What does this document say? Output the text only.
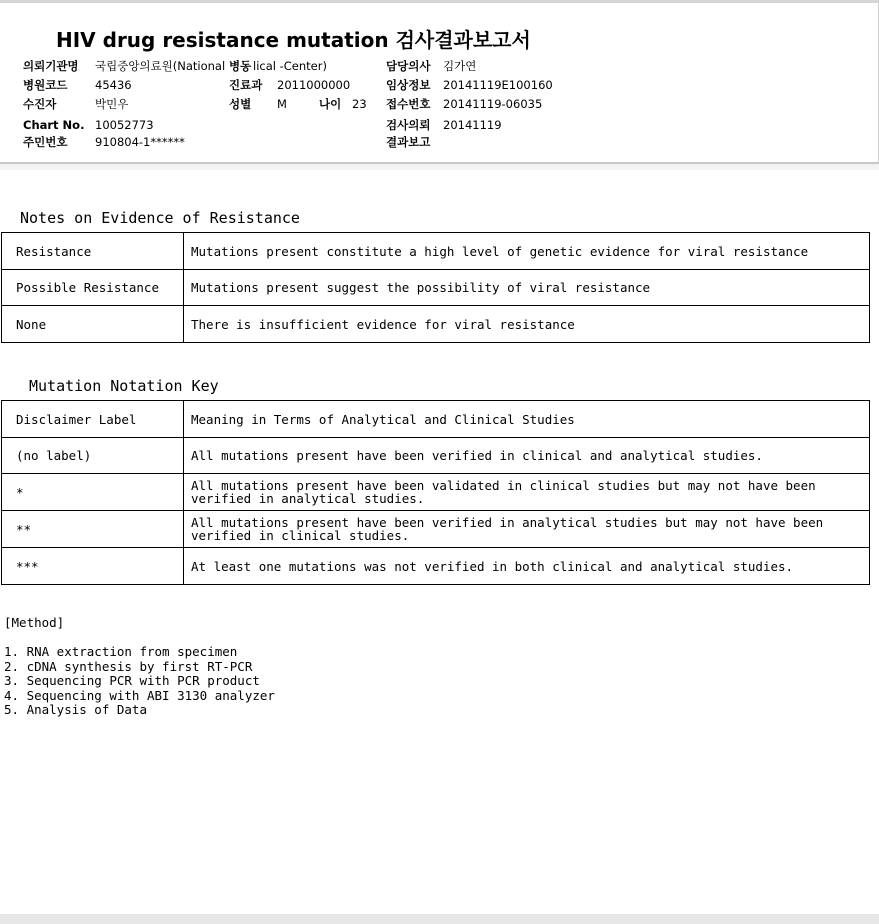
HIV drug resistance mutation 검사결과보고서
의뢰기관명 국립중앙의료원(National 병동 lical -Center)
병원코드 45436	진료과 2011000000
수진자	박민우	성별 M	나이 23
Chart No. 10052773
주민번호 910804-1******
담당의사 김가연
임상정보 20141119E100160
접수번호 20141119-06035
검사의뢰 20141119
결과보고
Notes on Evidence of Resistance
Resistance	Mutations present constitute a high level of genetic evidence for viral resistance
Possible Resistance	Mutations present suggest the possibility of viral resistance
None	There is insufficient evidence for viral resistance
Mutation Notation Key
Disclaimer Label	Meaning in Terms of Analytical and Clinical Studies
(no label)	All mutations present have been verified in clinical and analytical studies.
*	All mutations present have been validated in clinical studies but may not have been verified in analytical studies.
**	All mutations present have been verified in analytical studies but may not have been verified in clinical studies.
***	At least one mutations was not verified in both clinical and analytical studies.
[Method]
1. RNA extraction from specimen
2. cDNA synthesis by first RT-PCR
3. Sequencing PCR with PCR product
4. Sequencing with ABI 3130 analyzer
5. Analysis of Data
